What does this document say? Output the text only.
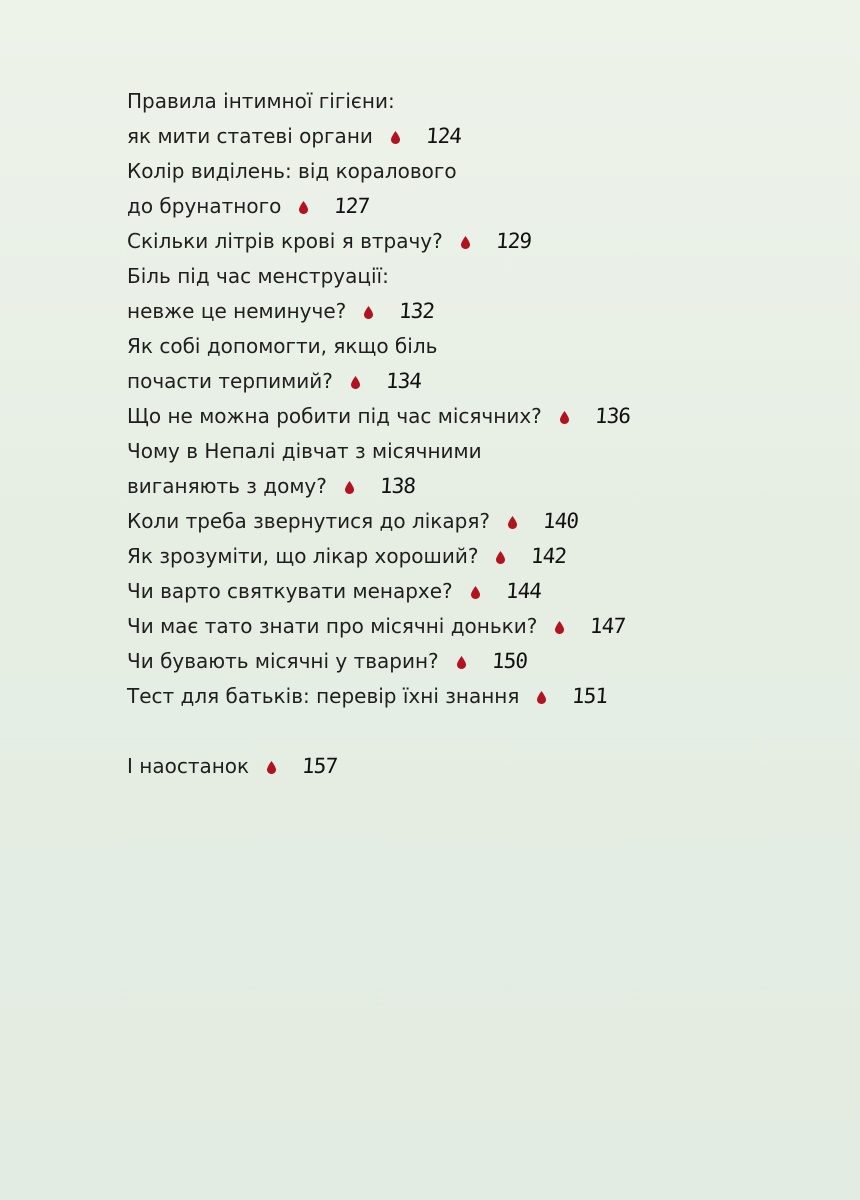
Правила інтимної гігієни:
як мити статеві органи 124
Колір виділень: від коралового
до брунатного 127
Скільки літрів крові я втрачу? 129
Біль під час менструації:
невже це неминуче? 132
Як собі допомогти, якщо біль
почасти терпимий? 134
Що не можна робити під час місячних? 136
Чому в Непалі дівчат з місячними
виганяють з дому? 138
Коли треба звернутися до лікаря? 140
Як зрозуміти, що лікар хороший? 142
Чи варто святкувати менархе? 144
Чи має тато знати про місячні доньки? 147
Чи бувають місячні у тварин? 150
Тест для батьків: перевір їхні знання 151
І наостанок 157
